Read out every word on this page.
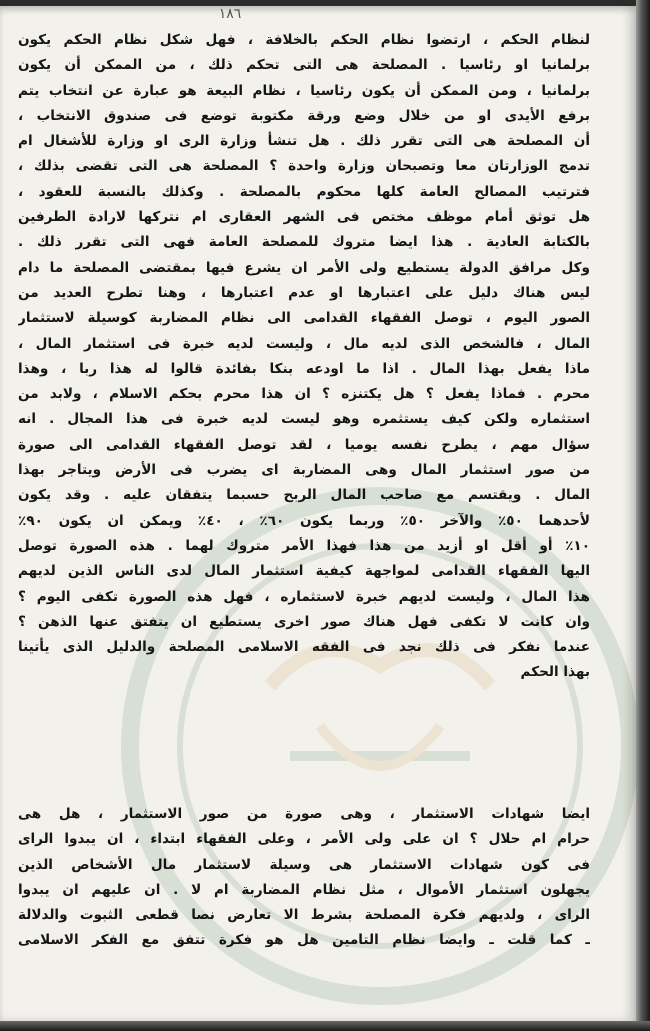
لنظام الحكم ، ارتضوا نظام الحكم بالخلافة ، فهل شكل نظام الحكم يكون
برلمانيا او رئاسيا . المصلحة هى التى تحكم ذلك ، من الممكن أن يكون
برلمانيا ، ومن الممكن أن يكون رئاسيا ، نظام البيعة هو عبارة عن انتخاب يتم
برفع الأيدى او من خلال وضع ورقة مكتوبة توضع فى صندوق الانتخاب ،
أن المصلحة هى التى تقرر ذلك . هل تنشأ وزارة الرى او وزارة للأشغال ام
تدمج الوزارتان معا وتصبحان وزارة واحدة ؟ المصلحة هى التى تقضى بذلك ،
فترتيب المصالح العامة كلها محكوم بالمصلحة . وكذلك بالنسبة للعقود ،
هل توثق أمام موظف مختص فى الشهر العقارى ام نتركها لارادة الطرفين
بالكتابة العادية . هذا ايضا متروك للمصلحة العامة فهى التى تقرر ذلك .
وكل مرافق الدولة يستطيع ولى الأمر ان يشرع فيها بمقتضى المصلحة ما دام
ليس هناك دليل على اعتبارها او عدم اعتبارها ، وهنا تطرح العديد من
الصور اليوم ، توصل الفقهاء القدامى الى نظام المضاربة كوسيلة لاستثمار
المال ، فالشخص الذى لديه مال ، وليست لديه خبرة فى استثمار المال ،
ماذا يفعل بهذا المال . اذا ما اودعه بنكا بفائدة قالوا له هذا ربا ، وهذا
محرم . فماذا يفعل ؟ هل يكتنزه ؟ ان هذا محرم بحكم الاسلام ، ولابد من
استثماره ولكن كيف يستثمره وهو ليست لديه خبرة فى هذا المجال . انه
سؤال مهم ، يطرح نفسه يوميا ، لقد توصل الفقهاء القدامى الى صورة
من صور استثمار المال وهى المضاربة اى يضرب فى الأرض ويتاجر بهذا
المال . ويقتسم مع صاحب المال الربح حسبما يتفقان عليه . وقد يكون
لأحدهما ٥٠٪ والآخر ٥٠٪ وربما يكون ٦٠٪ ، ٤٠٪ ويمكن ان يكون ٩٠٪
١٠٪ أو أقل او أزيد من هذا فهذا الأمر متروك لهما . هذه الصورة توصل
اليها الفقهاء القدامى لمواجهة كيفية استثمار المال لدى الناس الذين لديهم
هذا المال ، وليست لديهم خبرة لاستثماره ، فهل هذه الصورة تكفى اليوم ؟
وان كانت لا تكفى فهل هناك صور اخرى يستطيع ان يتفتق عنها الذهن ؟
عندما نفكر فى ذلك نجد فى الفقه الاسلامى المصلحة والدليل الذى يأتينا
بهذا الحكم
ايضا شهادات الاستثمار ، وهى صورة من صور الاستثمار ، هل هى
حرام ام حلال ؟ ان على ولى الأمر ، وعلى الفقهاء ابتداء ، ان يبدوا الراى
فى كون شهادات الاستثمار هى وسيلة لاستثمار مال الأشخاص الذين
يجهلون استثمار الأموال ، مثل نظام المضاربة ام لا . ان عليهم ان يبدوا
الراى ، ولديهم فكرة المصلحة بشرط الا تعارض نصا قطعى الثبوت والدلالة
ـ كما قلت ـ وايضا نظام التامين هل هو فكرة تتفق مع الفكر الاسلامى
١٨٦
